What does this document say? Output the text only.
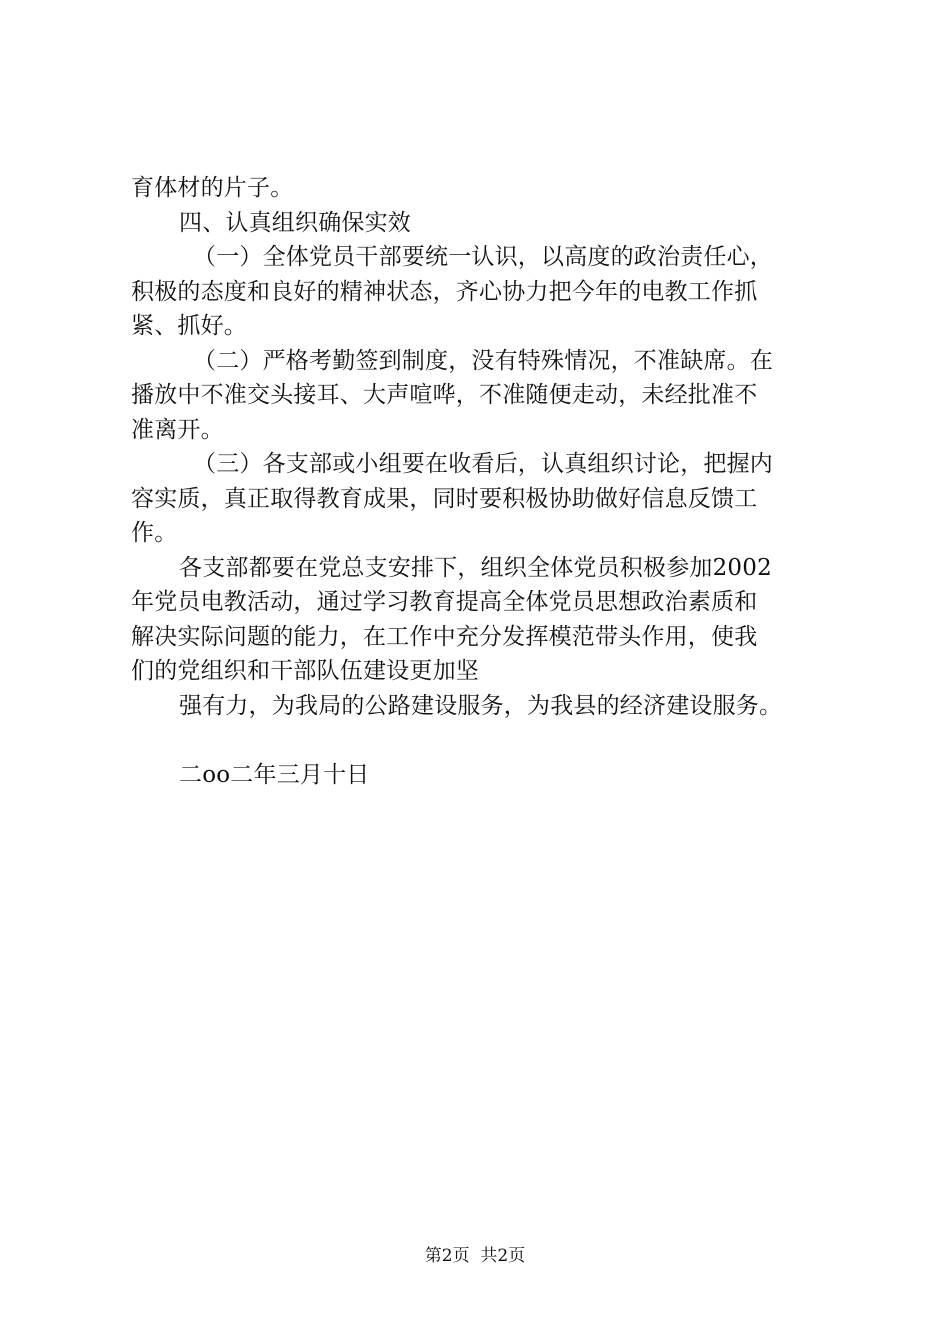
育体材的片子。
四、认真组织确保实效
（一）全体党员干部要统一认识，以高度的政治责任心，
积极的态度和良好的精神状态，齐心协力把今年的电教工作抓
紧、抓好。
（二）严格考勤签到制度，没有特殊情况，不准缺席。在
播放中不准交头接耳、大声喧哗，不准随便走动，未经批准不
准离开。
（三）各支部或小组要在收看后，认真组织讨论，把握内
容实质，真正取得教育成果，同时要积极协助做好信息反馈工
作。
各支部都要在党总支安排下，组织全体党员积极参加2002
年党员电教活动，通过学习教育提高全体党员思想政治素质和
解决实际问题的能力，在工作中充分发挥模范带头作用，使我
们的党组织和干部队伍建设更加坚
强有力，为我局的公路建设服务，为我县的经济建设服务。
二oo二年三月十日
第2页  共2页
